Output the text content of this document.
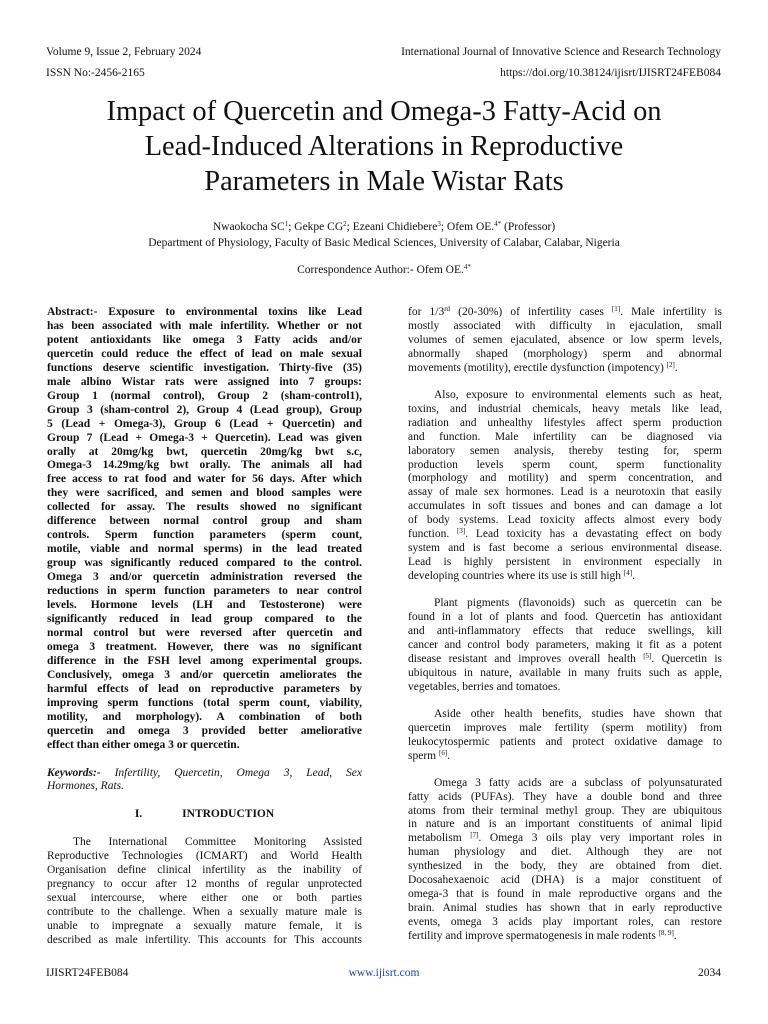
Volume 9, Issue 2, February 2024	International Journal of Innovative Science and Research Technology
ISSN No:-2456-2165	https://doi.org/10.38124/ijisrt/IJISRT24FEB084
Impact of Quercetin and Omega-3 Fatty-Acid on
Lead-Induced Alterations in Reproductive
Parameters in Male Wistar Rats
Nwaokocha $SC^1$; Gekpe $CG^2$; Ezeani Chidiebere$^3$; Ofem OE.$^{4*}$ (Professor)
Department of Physiology, Faculty of Basic Medical Sciences, University of Calabar, Calabar, Nigeria
Correspondence Author:- Ofem OE.$^{4*}$
Abstract:- Exposure to environmental toxins like Lead
has been associated with male infertility. Whether or not
potent antioxidants like omega 3 Fatty acids and/or
quercetin could reduce the effect of lead on male sexual
functions deserve scientific investigation. Thirty-five (35)
male albino Wistar rats were assigned into 7 groups:
Group 1 (normal control), Group 2 (sham-control1),
Group 3 (sham-control 2), Group 4 (Lead group), Group
5 (Lead + Omega-3), Group 6 (Lead + Quercetin) and
Group 7 (Lead + Omega-3 + Quercetin). Lead was given
orally at 20mg/kg bwt, quercetin 20mg/kg bwt s.c,
Omega-3 14.29mg/kg bwt orally. The animals all had
free access to rat food and water for 56 days. After which
they were sacrificed, and semen and blood samples were
collected for assay. The results showed no significant
difference between normal control group and sham
controls. Sperm function parameters (sperm count,
motile, viable and normal sperms) in the lead treated
group was significantly reduced compared to the control.
Omega 3 and/or quercetin administration reversed the
reductions in sperm function parameters to near control
levels. Hormone levels (LH and Testosterone) were
significantly reduced in lead group compared to the
normal control but were reversed after quercetin and
omega 3 treatment. However, there was no significant
difference in the FSH level among experimental groups.
Conclusively, omega 3 and/or quercetin ameliorates the
harmful effects of lead on reproductive parameters by
improving sperm functions (total sperm count, viability,
motility, and morphology). A combination of both
quercetin and omega 3 provided better ameliorative
effect than either omega 3 or quercetin.
Keywords:- Infertility, Quercetin, Omega 3, Lead, Sex
Hormones, Rats.
I.	INTRODUCTION
The International Committee Monitoring Assisted
Reproductive Technologies (ICMART) and World Health
Organisation define clinical infertility as the inability of
pregnancy to occur after 12 months of regular unprotected
sexual intercourse, where either one or both parties
contribute to the challenge. When a sexually mature male is
unable to impregnate a sexually mature female, it is
described as male infertility. This accounts for This accounts
for 1/3rd (20-30%) of infertility cases [1]. Male infertility is
mostly associated with difficulty in ejaculation, small
volumes of semen ejaculated, absence or low sperm levels,
abnormally shaped (morphology) sperm and abnormal
movements (motility), erectile dysfunction (impotency) [2].
Also, exposure to environmental elements such as heat,
toxins, and industrial chemicals, heavy metals like lead,
radiation and unhealthy lifestyles affect sperm production
and function. Male infertility can be diagnosed via
laboratory semen analysis, thereby testing for, sperm
production levels sperm count, sperm functionality
(morphology and motility) and sperm concentration, and
assay of male sex hormones. Lead is a neurotoxin that easily
accumulates in soft tissues and bones and can damage a lot
of body systems. Lead toxicity affects almost every body
function. [3]. Lead toxicity has a devastating effect on body
system and is fast become a serious environmental disease.
Lead is highly persistent in environment especially in
developing countries where its use is still high [4].
Plant pigments (flavonoids) such as quercetin can be
found in a lot of plants and food. Quercetin has antioxidant
and anti-inflammatory effects that reduce swellings, kill
cancer and control body parameters, making it fit as a potent
disease resistant and improves overall health [5]. Quercetin is
ubiquitous in nature, available in many fruits such as apple,
vegetables, berries and tomatoes.
Aside other health benefits, studies have shown that
quercetin improves male fertility (sperm motility) from
leukocytospermic patients and protect oxidative damage to
sperm [6].
Omega 3 fatty acids are a subclass of polyunsaturated
fatty acids (PUFAs). They have a double bond and three
atoms from their terminal methyl group. They are ubiquitous
in nature and is an important constituents of animal lipid
metabolism [7]. Omega 3 oils play very important roles in
human physiology and diet. Although they are not
synthesized in the body, they are obtained from diet.
Docosahexaenoic acid (DHA) is a major constituent of
omega-3 that is found in male reproductive organs and the
brain. Animal studies has shown that in early reproductive
events, omega 3 acids play important roles, can restore
fertility and improve spermatogenesis in male rodents [8, 9].
IJISRT24FEB084	www.ijisrt.com	2034
